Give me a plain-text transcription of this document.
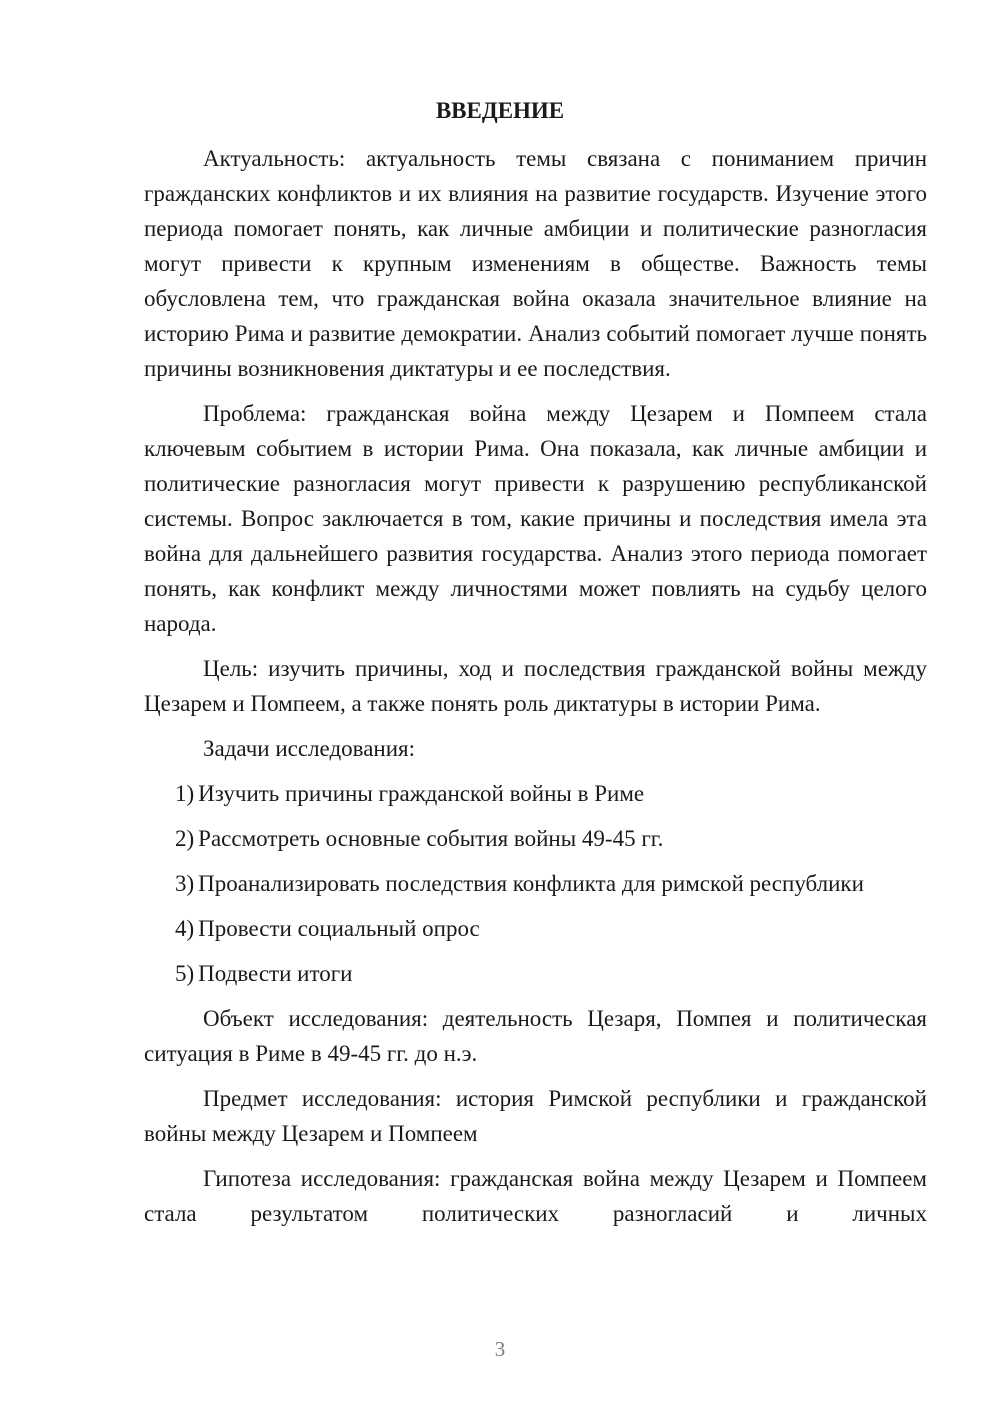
ВВЕДЕНИЕ

Актуальность: актуальность темы связана с пониманием причин гражданских конфликтов и их влияния на развитие государств. Изучение этого периода помогает понять, как личные амбиции и политические разногласия могут привести к крупным изменениям в обществе. Важность темы обусловлена тем, что гражданская война оказала значительное влияние на историю Рима и развитие демократии. Анализ событий помогает лучше понять причины возникновения диктатуры и ее последствия.

Проблема: гражданская война между Цезарем и Помпеем стала ключевым событием в истории Рима. Она показала, как личные амбиции и политические разногласия могут привести к разрушению республиканской системы. Вопрос заключается в том, какие причины и последствия имела эта война для дальнейшего развития государства. Анализ этого периода помогает понять, как конфликт между личностями может повлиять на судьбу целого народа.

Цель: изучить причины, ход и последствия гражданской войны между Цезарем и Помпеем, а также понять роль диктатуры в истории Рима.

Задачи исследования:

1) Изучить причины гражданской войны в Риме

2) Рассмотреть основные события войны 49-45 гг.

3) Проанализировать последствия конфликта для римской республики

4) Провести социальный опрос

5) Подвести итоги

Объект исследования: деятельность Цезаря, Помпея и политическая ситуация в Риме в 49-45 гг. до н.э.

Предмет исследования: история Римской республики и гражданской войны между Цезарем и Помпеем

Гипотеза исследования: гражданская война между Цезарем и Помпеем стала результатом политических разногласий и личных

3
